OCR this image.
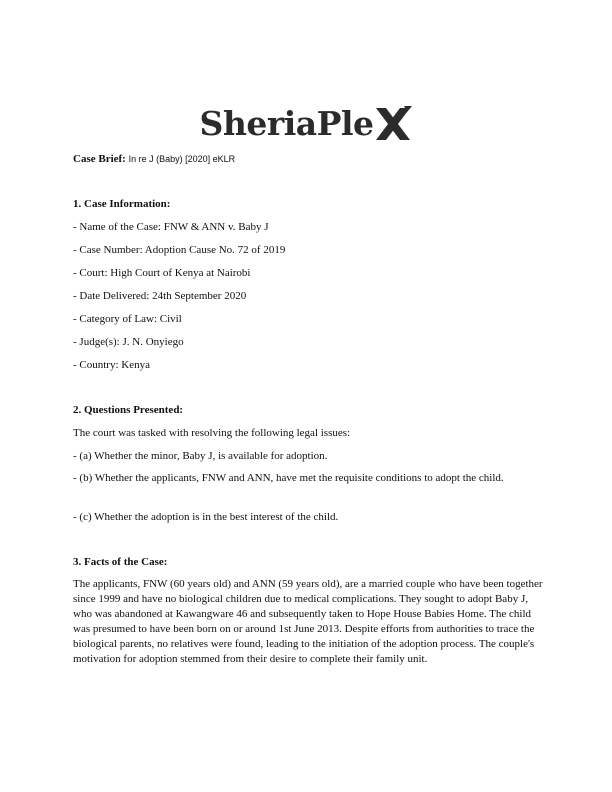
SheriaPle
Case Brief: In re J (Baby) [2020] eKLR
1. Case Information:
- Name of the Case: FNW & ANN v. Baby J
- Case Number: Adoption Cause No. 72 of 2019
- Court: High Court of Kenya at Nairobi
- Date Delivered: 24th September 2020
- Category of Law: Civil
- Judge(s): J. N. Onyiego
- Country: Kenya
2. Questions Presented:
The court was tasked with resolving the following legal issues:
- (a) Whether the minor, Baby J, is available for adoption.
- (b) Whether the applicants, FNW and ANN, have met the requisite conditions to adopt the child.
- (c) Whether the adoption is in the best interest of the child.
3. Facts of the Case:
The applicants, FNW (60 years old) and ANN (59 years old), are a married couple who have been together since 1999 and have no biological children due to medical complications. They sought to adopt Baby J, who was abandoned at Kawangware 46 and subsequently taken to Hope House Babies Home. The child was presumed to have been born on or around 1st June 2013. Despite efforts from authorities to trace the biological parents, no relatives were found, leading to the initiation of the adoption process. The couple's motivation for adoption stemmed from their desire to complete their family unit.
